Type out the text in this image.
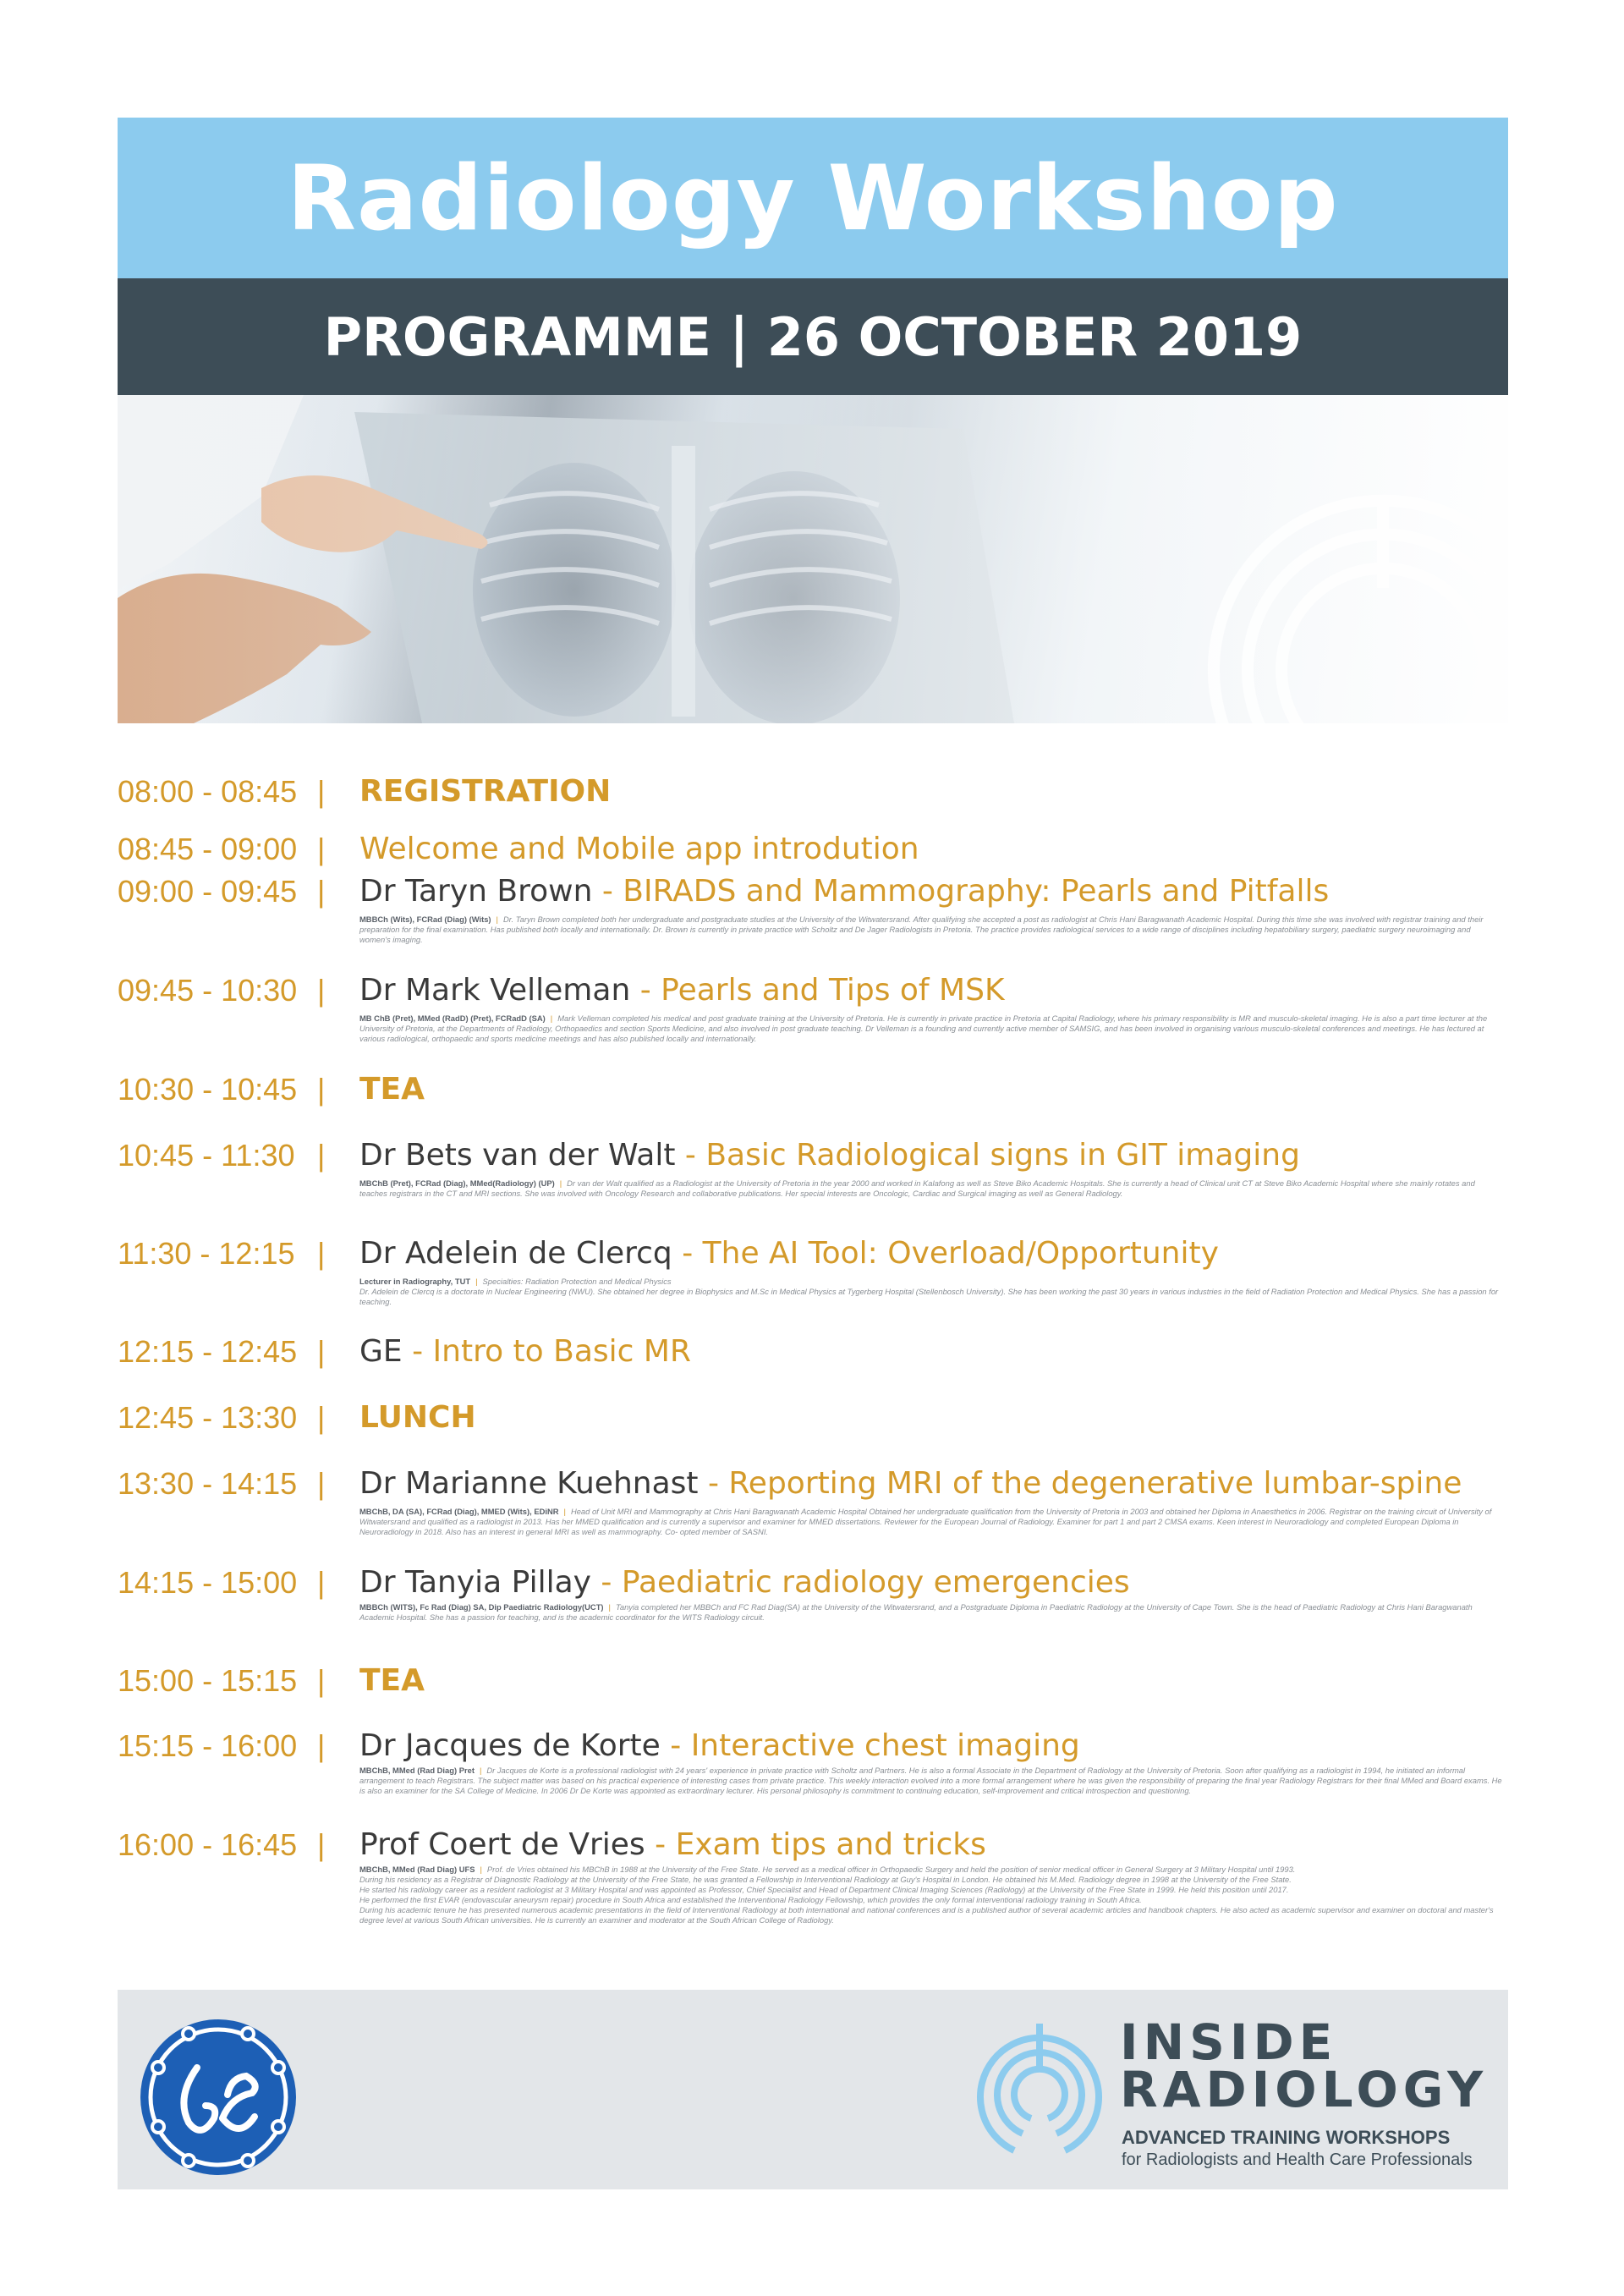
Radiology Workshop
PROGRAMME | 26 OCTOBER 2019
08:00 - 08:45 | REGISTRATION
08:45 - 09:00 | Welcome and Mobile app introdution
09:00 - 09:45 | Dr Taryn Brown - BIRADS and Mammography: Pearls and Pitfalls
MBBCh (Wits), FCRad (Diag) (Wits) | Dr. Taryn Brown completed both her undergraduate and postgraduate studies at the University of the Witwatersrand. After qualifying she accepted a post as radiologist at Chris Hani Baragwanath Academic Hospital. During this time she was involved with registrar training and their preparation for the final examination. Has published both locally and internationally. Dr. Brown is currently in private practice with Scholtz and De Jager Radiologists in Pretoria. The practice provides radiological services to a wide range of disciplines including hepatobiliary surgery, paediatric surgery neuroimaging and women's imaging.
09:45 - 10:30 | Dr Mark Velleman - Pearls and Tips of MSK
MB ChB (Pret), MMed (RadD) (Pret), FCRadD (SA) | Mark Velleman completed his medical and post graduate training at the University of Pretoria. He is currently in private practice in Pretoria at Capital Radiology, where his primary responsibility is MR and musculo-skeletal imaging. He is also a part time lecturer at the University of Pretoria, at the Departments of Radiology, Orthopaedics and section Sports Medicine, and also involved in post graduate teaching. Dr Velleman is a founding and currently active member of SAMSIG, and has been involved in organising various musculo-skeletal conferences and meetings. He has lectured at various radiological, orthopaedic and sports medicine meetings and has also published locally and internationally.
10:30 - 10:45 | TEA
10:45 - 11:30 | Dr Bets van der Walt - Basic Radiological signs in GIT imaging
MBChB (Pret), FCRad (Diag), MMed(Radiology) (UP) | Dr van der Walt qualified as a Radiologist at the University of Pretoria in the year 2000 and worked in Kalafong as well as Steve Biko Academic Hospitals. She is currently a head of Clinical unit CT at Steve Biko Academic Hospital where she mainly rotates and teaches registrars in the CT and MRI sections. She was involved with Oncology Research and collaborative publications. Her special interests are Oncologic, Cardiac and Surgical imaging as well as General Radiology.
11:30 - 12:15 | Dr Adelein de Clercq - The AI Tool: Overload/Opportunity
Lecturer in Radiography, TUT | Specialties: Radiation Protection and Medical Physics
Dr. Adelein de Clercq is a doctorate in Nuclear Engineering (NWU). She obtained her degree in Biophysics and M.Sc in Medical Physics at Tygerberg Hospital (Stellenbosch University). She has been working the past 30 years in various industries in the field of Radiation Protection and Medical Physics. She has a passion for teaching.
12:15 - 12:45 | GE - Intro to Basic MR
12:45 - 13:30 | LUNCH
13:30 - 14:15 | Dr Marianne Kuehnast - Reporting MRI of the degenerative lumbar-spine
MBChB, DA (SA), FCRad (Diag), MMED (Wits), EDiNR | Head of Unit MRI and Mammography at Chris Hani Baragwanath Academic Hospital Obtained her undergraduate qualification from the University of Pretoria in 2003 and obtained her Diploma in Anaesthetics in 2006. Registrar on the training circuit of University of Witwatersrand and qualified as a radiologist in 2013. Has her MMED qualification and is currently a supervisor and examiner for MMED dissertations. Reviewer for the European Journal of Radiology. Examiner for part 1 and part 2 CMSA exams. Keen interest in Neuroradiology and completed European Diploma in Neuroradiology in 2018. Also has an interest in general MRI as well as mammography. Co- opted member of SASNI.
14:15 - 15:00 | Dr Tanyia Pillay - Paediatric radiology emergencies
MBBCh (WITS), Fc Rad (Diag) SA, Dip Paediatric Radiology(UCT) | Tanyia completed her MBBCh and FC Rad Diag(SA) at the University of the Witwatersrand, and a Postgraduate Diploma in Paediatric Radiology at the University of Cape Town. She is the head of Paediatric Radiology at Chris Hani Baragwanath Academic Hospital. She has a passion for teaching, and is the academic coordinator for the WITS Radiology circuit.
15:00 - 15:15 | TEA
15:15 - 16:00 | Dr Jacques de Korte - Interactive chest imaging
MBChB, MMed (Rad Diag) Pret | Dr Jacques de Korte is a professional radiologist with 24 years' experience in private practice with Scholtz and Partners. He is also a formal Associate in the Department of Radiology at the University of Pretoria. Soon after qualifying as a radiologist in 1994, he initiated an informal arrangement to teach Registrars. The subject matter was based on his practical experience of interesting cases from private practice. This weekly interaction evolved into a more formal arrangement where he was given the responsibility of preparing the final year Radiology Registrars for their final MMed and Board exams. He is also an examiner for the SA College of Medicine. In 2006 Dr De Korte was appointed as extraordinary lecturer. His personal philosophy is commitment to continuing education, self-improvement and critical introspection and questioning.
16:00 - 16:45 | Prof Coert de Vries - Exam tips and tricks
MBChB, MMed (Rad Diag) UFS | Prof. de Vries obtained his MBChB in 1988 at the University of the Free State. He served as a medical officer in Orthopaedic Surgery and held the position of senior medical officer in General Surgery at 3 Military Hospital until 1993.
During his residency as a Registrar of Diagnostic Radiology at the University of the Free State, he was granted a Fellowship in Interventional Radiology at Guy's Hospital in London. He obtained his M.Med. Radiology degree in 1998 at the University of the Free State.
He started his radiology career as a resident radiologist at 3 Military Hospital and was appointed as Professor, Chief Specialist and Head of Department Clinical Imaging Sciences (Radiology) at the University of the Free State in 1999. He held this position until 2017.
He performed the first EVAR (endovascular aneurysm repair) procedure in South Africa and established the Interventional Radiology Fellowship, which provides the only formal interventional radiology training in South Africa.
During his academic tenure he has presented numerous academic presentations in the field of Interventional Radiology at both international and national conferences and is a published author of several academic articles and handbook chapters. He also acted as academic supervisor and examiner on doctoral and master's degree level at various South African universities. He is currently an examiner and moderator at the South African College of Radiology.
INSIDE
RADIOLOGY
ADVANCED TRAINING WORKSHOPS
for Radiologists and Health Care Professionals
